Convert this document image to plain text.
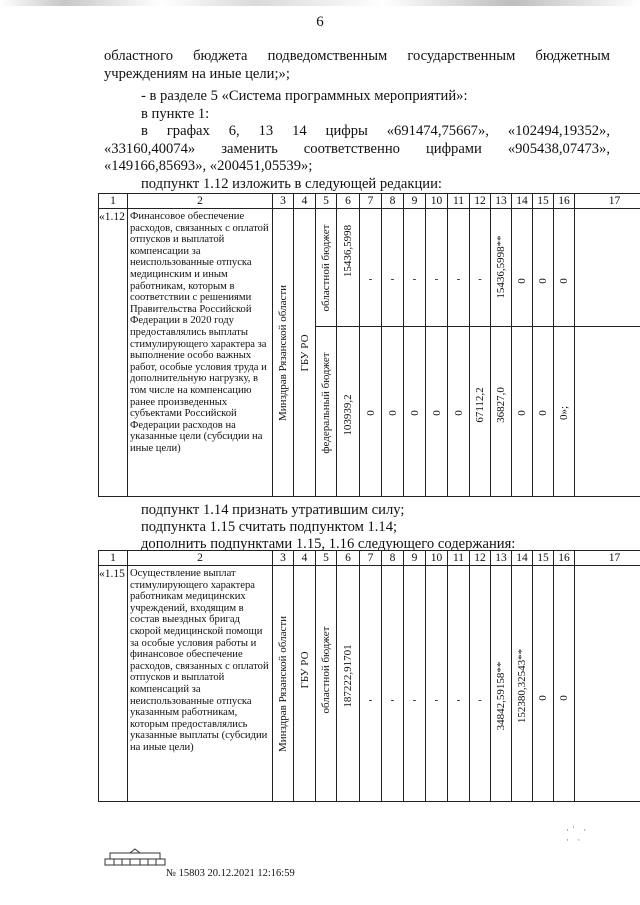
6
областного бюджета подведомственным государственным бюджетным
учреждениям на иные цели;»;
- в разделе 5 «Система программных мероприятий»:
в пункте 1:
в графах 6, 13 14 цифры «691474,75667», «102494,19352»,
«33160,40074» заменить соответственно цифрами «905438,07473»,
«149166,85693», «200451,05539»;
подпункт 1.12 изложить в следующей редакции:
1	2	3	4	5	6	7	8	9	10	11	12	13	14	15	16	17
«1.12	Финансовое обеспечение расходов, связанных с оплатой отпусков и выплатой компенсации за неиспользованные отпуска медицинским и иным работникам, которым в соответствии с решениями Правительства Российской Федерации в 2020 году предоставлялись выплаты стимулирующего характера за выполнение особо важных работ, особые условия труда и дополнительную нагрузку, в том числе на компенсацию ранее произведенных субъектами Российской Федерации расходов на указанные цели (субсидии на иные цели)	Минздрав Рязанской области	ГБУ РО	областной бюджет	15436,5998	-	-	-	-	-	-	15436,5998**	0	0	0	

				федеральный бюджет	103939,2	0	0	0	0	0	67112,2	36827,0	0	0	0»;	

подпункт 1.14 признать утратившим силу;
подпункта 1.15 считать подпунктом 1.14;
дополнить подпунктами 1.15, 1.16 следующего содержания:
1	2	3	4	5	6	7	8	9	10	11	12	13	14	15	16	17
«1.15	Осуществление выплат стимулирующего характера работникам медицинских учреждений, входящим в состав выездных бригад скорой медицинской помощи за особые условия работы и финансовое обеспечение расходов, связанных с оплатой отпусков и выплатой компенсаций за неиспользованные отпуска указанным работникам, которым предоставлялись указанные выплаты (субсидии на иные цели)	Минздрав Рязанской области	ГБУ РО	областной бюджет	187222,91701	-	-	-	-	-	-	34842,59158**	152380,32543**	0	0	

·˙ ·
· ·
№ 15803 20.12.2021 12:16:59
